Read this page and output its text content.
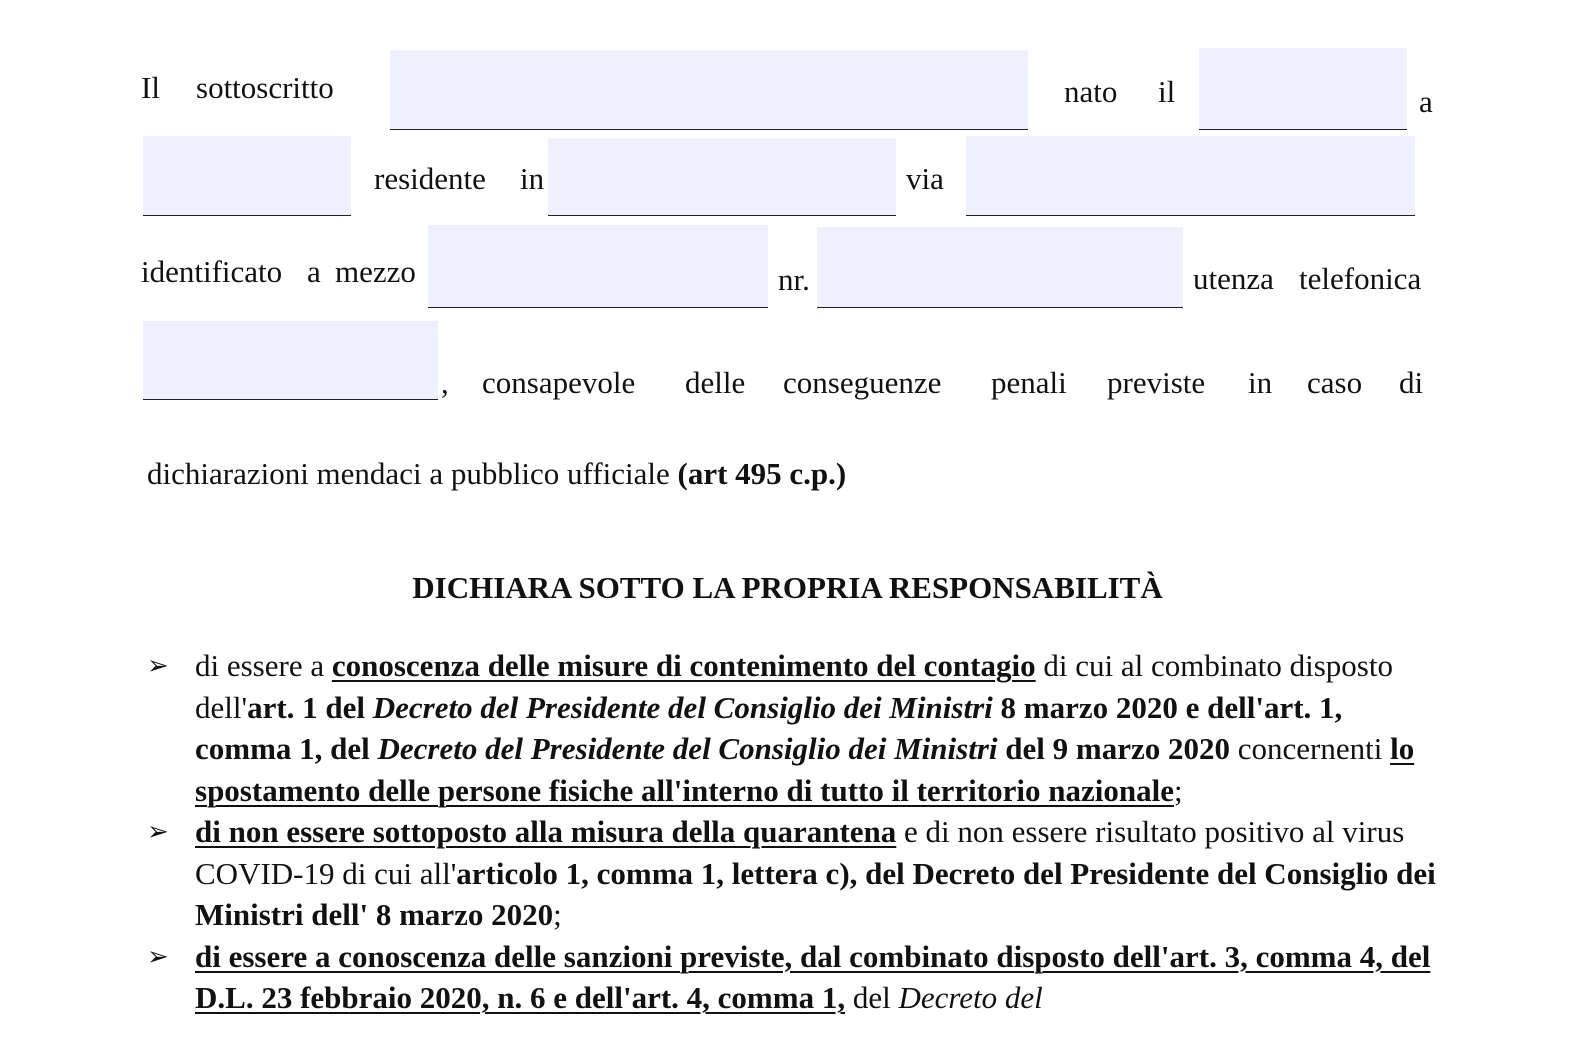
Il sottoscritto	nato il	a
residente in	via
identificato a mezzo	nr.	utenza telefonica
, consapevole delle conseguenze penali previste in caso di
dichiarazioni mendaci a pubblico ufficiale (art 495 c.p.)
DICHIARA SOTTO LA PROPRIA RESPONSABILITÀ
➢ di essere a conoscenza delle misure di contenimento del contagio di cui al combinato disposto dell'art. 1 del Decreto del Presidente del Consiglio dei Ministri 8 marzo 2020 e dell'art. 1, comma 1, del Decreto del Presidente del Consiglio dei Ministri del 9 marzo 2020 concernenti lo spostamento delle persone fisiche all'interno di tutto il territorio nazionale;
➢ di non essere sottoposto alla misura della quarantena e di non essere risultato positivo al virus COVID-19 di cui all'articolo 1, comma 1, lettera c), del Decreto del Presidente del Consiglio dei Ministri dell' 8 marzo 2020;
➢ di essere a conoscenza delle sanzioni previste, dal combinato disposto dell'art. 3, comma 4, del D.L. 23 febbraio 2020, n. 6 e dell'art. 4, comma 1, del Decreto del
